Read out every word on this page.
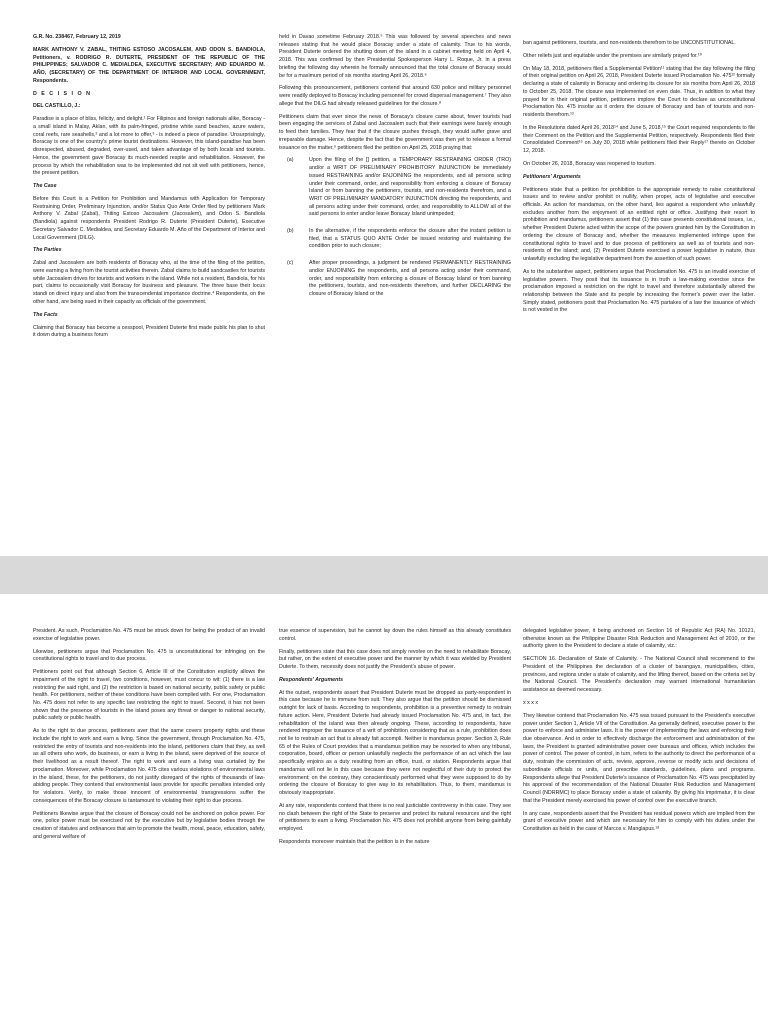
G.R. No. 238467, February 12, 2019

MARK ANTHONY V. ZABAL, THITING ESTOSO JACOSALEM, AND ODON S. BANDIOLA, Petitioners, v. RODRIGO R. DUTERTE, PRESIDENT OF THE REPUBLIC OF THE PHILIPPINES; SALVADOR C. MEDIALDEA, EXECUTIVE SECRETARY; AND EDUARDO M. AÑO, (SECRETARY) OF THE DEPARTMENT OF INTERIOR AND LOCAL GOVERNMENT, Respondents.

D E C I S I O N

DEL CASTILLO, J.:

Paradise is a place of bliss, felicity, and delight.¹ For Filipinos and foreign nationals alike, Boracay - a small island in Malay, Aklan, with its palm-fringed, pristine white sand beaches, azure waters, coral reefs, rare seashells,² and a lot more to offer,³ - is indeed a piece of paradise. Unsurprisingly, Boracay is one of the country's prime tourist destinations. However, this island-paradise has been disrespected, abused, degraded, over-used, and taken advantage of by both locals and tourists. Hence, the government gave Boracay its much-needed respite and rehabilitation. However, the process by which the rehabilitation was to be implemented did not sit well with petitioners, hence, the present petition.

The Case

Before this Court is a Petition for Prohibition and Mandamus with Application for Temporary Restraining Order, Preliminary Injunction, and/or Status Quo Ante Order filed by petitioners Mark Anthony V. Zabal (Zabal), Thiting Estoso Jacosalem (Jacosalem), and Odon S. Bandiola (Bandiola) against respondents President Rodrigo R. Duterte (President Duterte), Executive Secretary Salvador C. Medialdea, and Secretary Eduardo M. Año of the Department of Interior and Local Government (DILG).

The Parties

Zabal and Jacosalem are both residents of Boracay who, at the time of the filing of the petition, were earning a living from the tourist activities therein. Zabal claims to build sandcastles for tourists while Jacosalem drives for tourists and workers in the island. While not a resident, Bandiola, for his part, claims to occasionally visit Boracay for business and pleasure. The three base their locus standi on direct injury and also from the transcendental importance doctrine.⁴ Respondents, on the other hand, are being sued in their capacity as officials of the government.

The Facts

Claiming that Boracay has become a cesspool, President Duterte first made public his plan to shut it down during a business forum

held in Davao sometime February 2018.⁵ This was followed by several speeches and news releases stating that he would place Boracay under a state of calamity. True to his words, President Duterte ordered the shutting down of the island in a cabinet meeting held on April 4, 2018. This was confirmed by then Presidential Spokesperson Harry L. Roque, Jr. in a press briefing the following day wherein he formally announced that the total closure of Boracay would be for a maximum period of six months starting April 26, 2018.⁶

Following this pronouncement, petitioners contend that around 630 police and military personnel were readily deployed to Boracay including personnel for crowd dispersal management.⁷ They also allege that the DILG had already released guidelines for the closure.⁸

Petitioners claim that ever since the news of Boracay's closure came about, fewer tourists had been engaging the services of Zabal and Jacosalem such that their earnings were barely enough to feed their families. They fear that if the closure pushes through, they would suffer grave and irreparable damage. Hence, despite the fact that the government was then yet to release a formal issuance on the matter,⁹ petitioners filed the petition on April 25, 2018 praying that:

(a)	Upon the filing of the [] petition, a TEMPORARY RESTRAINING ORDER (TRO) and/or a WRIT OF PRELIMINARY PROHIBITORY INJUNCTION be immediately issued RESTRAINING and/or ENJOINING the respondents, and all persons acting under their command, order, and responsibility from enforcing a closure of Boracay Island or from banning the petitioners, tourists, and non-residents therefrom, and a WRIT OF PRELIMINARY MANDATORY INJUNCTION directing the respondents, and all persons acting under their command, order, and responsibility to ALLOW all of the said persons to enter and/or leave Boracay Island unimpeded;
(b)	In the alternative, if the respondents enforce the closure after the instant petition is filed, that a STATUS QUO ANTE Order be issued restoring and maintaining the condition prior to such closure;
(c)	After proper proceedings, a judgment be rendered PERMANENTLY RESTRAINING and/or ENJOINING the respondents, and all persons acting under their command, order, and responsibility from enforcing a closure of Boracay Island or from banning the petitioners, tourists, and non-residents therefrom, and further DECLARING the closure of Boracay Island or the

ban against petitioners, tourists, and non-residents therefrom to be UNCONSTITUTIONAL.

Other reliefs just and equitable under the premises are similarly prayed for.¹⁰

On May 18, 2018, petitioners filed a Supplemental Petition¹¹ stating that the day following the filing of their original petition on April 26, 2018, President Duterte issued Proclamation No. 475¹² formally declaring a state of calamity in Boracay and ordering its closure for six months from April 26, 2018 to October 25, 2018. The closure was implemented on even date. Thus, in addition to what they prayed for in their original petition, petitioners implore the Court to declare as unconstitutional Proclamation No. 475 insofar as it orders the closure of Boracay and ban of tourists and non-residents therefrom.¹³

In the Resolutions dated April 26, 2018¹⁴ and June 5, 2018,¹⁵ the Court required respondents to file their Comment on the Petition and the Supplemental Petition, respectively. Respondents filed their Consolidated Comment¹⁶ on July 30, 2018 while petitioners filed their Reply¹⁷ thereto on October 12, 2018.

On October 26, 2018, Boracay was reopened to tourism.

Petitioners' Arguments

Petitioners state that a petition for prohibition is the appropriate remedy to raise constitutional issues and to review and/or prohibit or nullify, when proper, acts of legislative and executive officials. An action for mandamus, on the other hand, lies against a respondent who unlawfully excludes another from the enjoyment of an entitled right or office. Justifying their resort to prohibition and mandamus, petitioners assert that (1) this case presents constitutional issues, i.e., whether President Duterte acted within the scope of the powers granted him by the Constitution in ordering the closure of Boracay and, whether the measures implemented infringe upon the constitutional rights to travel and to due process of petitioners as well as of tourists and non-residents of the island; and, (2) President Duterte exercised a power legislative in nature, thus unlawfully excluding the legislative department from the assertion of such power.

As to the substantive aspect, petitioners argue that Proclamation No. 475 is an invalid exercise of legislative powers. They posit that its issuance is in truth a law-making exercise since the proclamation imposed a restriction on the right to travel and therefore substantially altered the relationship between the State and its people by increasing the former's power over the latter. Simply stated, petitioners posit that Proclamation No. 475 partakes of a law the issuance of which is not vested in the

President. As such, Proclamation No. 475 must be struck down for being the product of an invalid exercise of legislative power.

Likewise, petitioners argue that Proclamation No. 475 is unconstitutional for infringing on the constitutional rights to travel and to due process.

Petitioners point out that although Section 6, Article III of the Constitution explicitly allows the impairment of the right to travel, two conditions, however, must concur to wit: (1) there is a law restricting the said right, and (2) the restriction is based on national security, public safety or public health. For petitioners, neither of these conditions have been complied with. For one, Proclamation No. 475 does not refer to any specific law restricting the right to travel. Second, it has not been shown that the presence of tourists in the island poses any threat or danger to national security, public safety or public health.

As to the right to due process, petitioners aver that the same covers property rights and these include the right to work and earn a living. Since the government, through Proclamation No. 475, restricted the entry of tourists and non-residents into the island, petitioners claim that they, as well as all others who work, do business, or earn a living in the island, were deprived of the source of their livelihood as a result thereof. The right to work and earn a living was curtailed by the proclamation. Moreover, while Proclamation No. 475 cites various violations of environmental laws in the island, these, for the petitioners, do not justify disregard of the rights of thousands of law-abiding people. They contend that environmental laws provide for specific penalties intended only for violators. Verily, to make those innocent of environmental transgressions suffer the consequences of the Boracay closure is tantamount to violating their right to due process.

Petitioners likewise argue that the closure of Boracay could not be anchored on police power. For one, police power must be exercised not by the executive but by legislative bodies through the creation of statutes and ordinances that aim to promote the health, moral, peace, education, safety, and general welfare of

true essence of supervision, but he cannot lay down the rules himself as this already constitutes control.

Finally, petitioners state that this case does not simply revolve on the need to rehabilitate Boracay, but rather, on the extent of executive power and the manner by which it was wielded by President Duterte. To them, necessity does not justify the President's abuse of power.

Respondents' Arguments

At the outset, respondents assert that President Duterte must be dropped as party-respondent in this case because he is immune from suit. They also argue that the petition should be dismissed outright for lack of basis. According to respondents, prohibition is a preventive remedy to restrain future action. Here, President Duterte had already issued Proclamation No. 475 and, in fact, the rehabilitation of the island was then already ongoing. These, according to respondents, have rendered improper the issuance of a writ of prohibition considering that as a rule, prohibition does not lie to restrain an act that is already fait accompli. Neither is mandamus proper. Section 3, Rule 65 of the Rules of Court provides that a mandamus petition may be resorted to when any tribunal, corporation, board, officer or person unlawfully neglects the performance of an act which the law specifically enjoins as a duty resulting from an office, trust, or station. Respondents argue that mandamus will not lie in this case because they were not neglectful of their duty to protect the environment; on the contrary, they conscientiously performed what they were supposed to do by ordering the closure of Boracay to give way to its rehabilitation. Thus, to them, mandamus is obviously inappropriate.

At any rate, respondents contend that there is no real justiciable controversy in this case. They see no clash between the right of the State to preserve and protect its natural resources and the right of petitioners to earn a living. Proclamation No. 475 does not prohibit anyone from being gainfully employed.

Respondents moreover maintain that the petition is in the nature

delegated legislative power, it being anchored on Section 16 of Republic Act (RA) No. 10121, otherwise known as the Philippine Disaster Risk Reduction and Management Act of 2010, or the authority given to the President to declare a state of calamity, viz.:

SECTION 16. Declaration of State of Calamity. - The National Council shall recommend to the President of the Philippines the declaration of a cluster of barangays, municipalities, cities, provinces, and regions under a state of calamity, and the lifting thereof, based on the criteria set by the National Council. The President's declaration may warrant international humanitarian assistance as deemed necessary.

x x x x

They likewise contend that Proclamation No. 475 was issued pursuant to the President's executive power under Section 1, Article VII of the Constitution. As generally defined, executive power is the power to enforce and administer laws. It is the power of implementing the laws and enforcing their due observance. And in order to effectively discharge the enforcement and administration of the laws, the President is granted administrative power over bureaus and offices, which includes the power of control. The power of control, in turn, refers to the authority to direct the performance of a duty, restrain the commission of acts, review, approve, reverse or modify acts and decisions of subordinate officials or units, and prescribe standards, guidelines, plans and programs. Respondents allege that President Duterte's issuance of Proclamation No. 475 was precipitated by his approval of the recommendation of the National Disaster Risk Reduction and Management Council (NDRRMC) to place Boracay under a state of calamity. By giving his imprimatur, it is clear that the President merely exercised his power of control over the executive branch.

In any case, respondents assert that the President has residual powers which are implied from the grant of executive power and which are necessary for him to comply with his duties under the Constitution as held in the case of Marcos v. Manglapus.¹⁸
